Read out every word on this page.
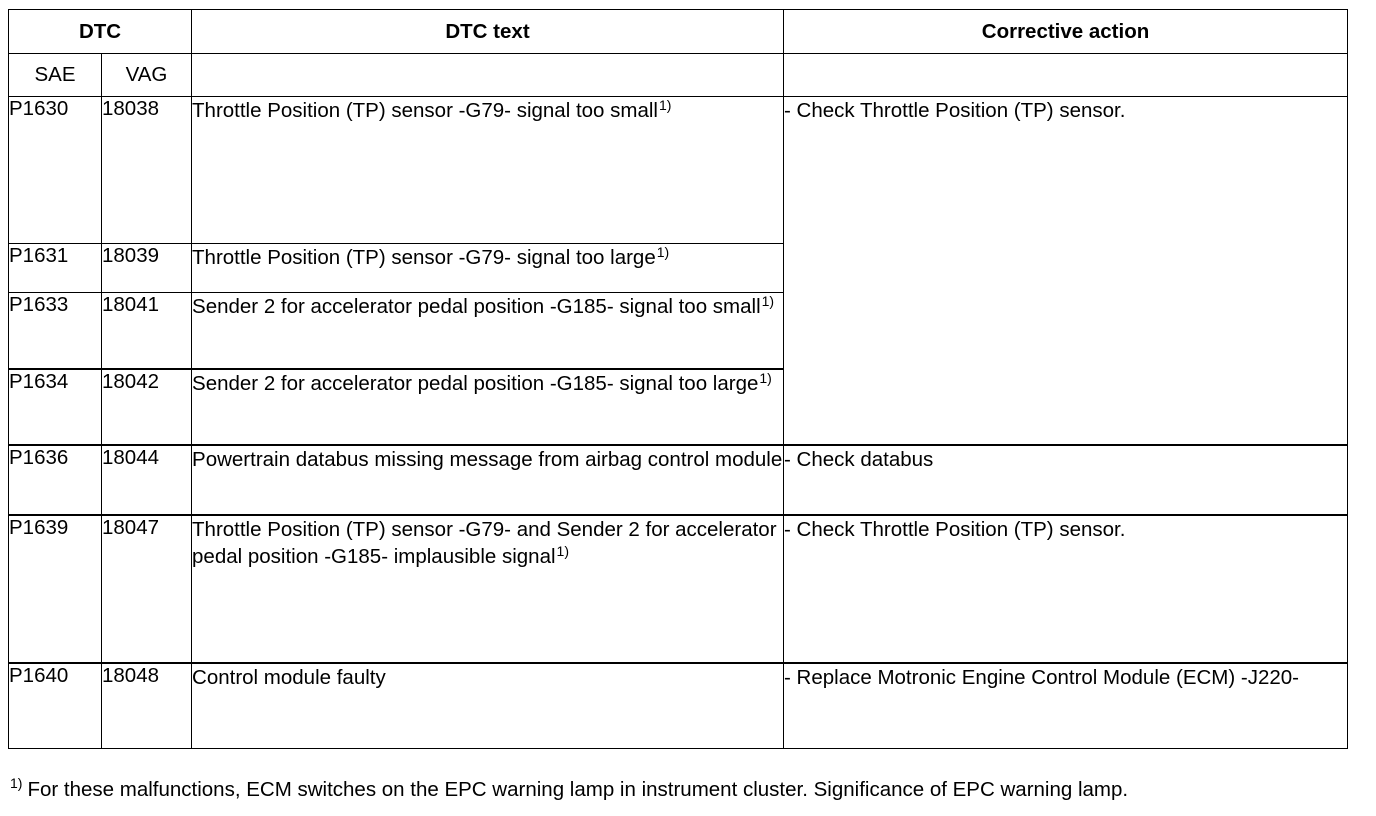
DTC		DTC text	Corrective action
SAE	VAG		
P1630	18038	Throttle Position (TP) sensor -G79- signal too small$^{1)}$	- Check Throttle Position (TP) sensor.
P1631	18039	Throttle Position (TP) sensor -G79- signal too large$^{1)}$
P1633	18041	Sender 2 for accelerator pedal position -G185- signal too small$^{1)}$
P1634	18042	Sender 2 for accelerator pedal position -G185- signal too large$^{1)}$
P1636	18044	Powertrain databus missing message from airbag control module	- Check databus
P1639	18047	Throttle Position (TP) sensor -G79- and Sender 2 for accelerator pedal position -G185- implausible signal$^{1)}$	- Check Throttle Position (TP) sensor.
P1640	18048	Control module faulty	- Replace Motronic Engine Control Module (ECM) -J220-
$^{1)}$ For these malfunctions, ECM switches on the EPC warning lamp in instrument cluster. Significance of EPC warning lamp.
